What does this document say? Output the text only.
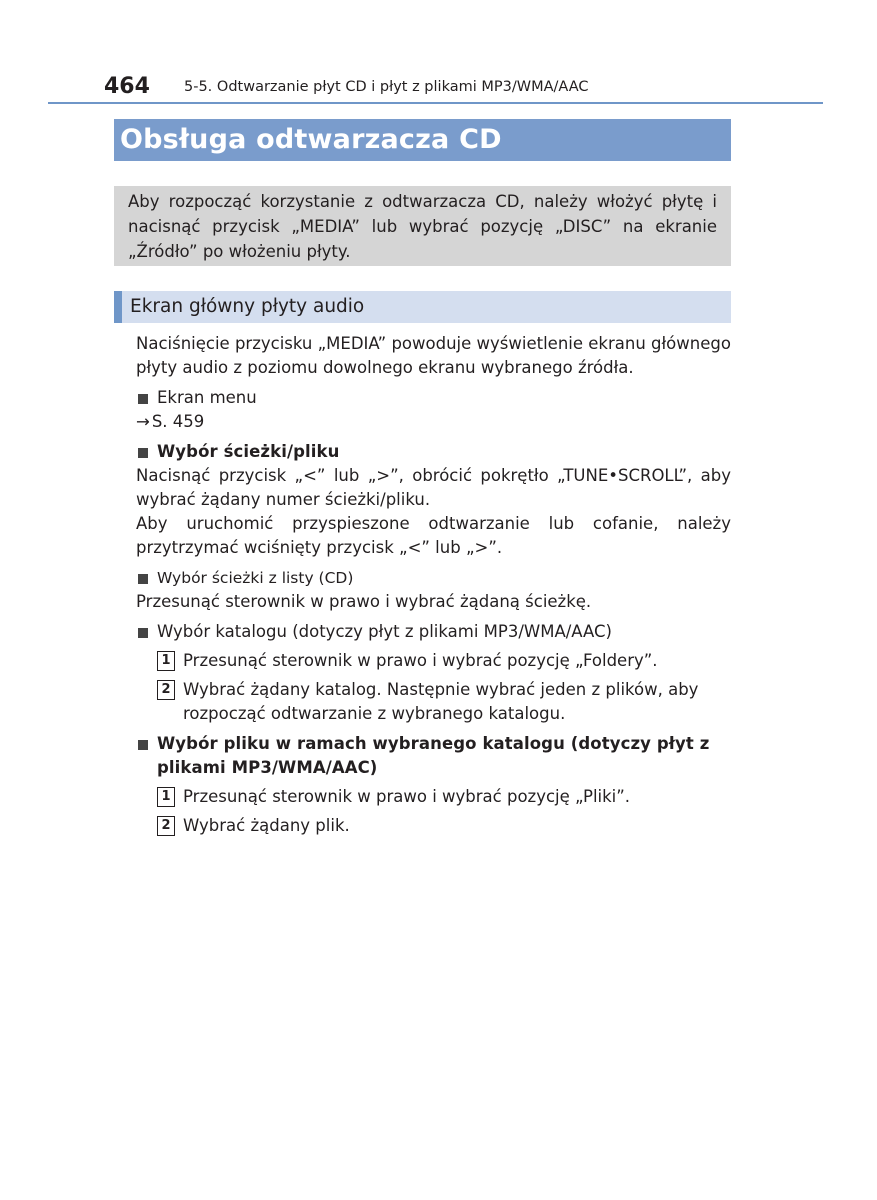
464 5-5. Odtwarzanie płyt CD i płyt z plikami MP3/WMA/AAC
Obsługa odtwarzacza CD

Aby rozpocząć korzystanie z odtwarzacza CD, należy włożyć płytę i nacisnąć przycisk „MEDIA” lub wybrać pozycję „DISC” na ekranie „Źródło” po włożeniu płyty.

Ekran główny płyty audio

Naciśnięcie przycisku „MEDIA” powoduje wyświetlenie ekranu głównego płyty audio z poziomu dowolnego ekranu wybranego źródła.

Ekran menu

→ S. 459

Wybór ścieżki/pliku

Nacisnąć przycisk „<” lub „>”, obrócić pokrętło „TUNE•SCROLL”, aby wybrać żądany numer ścieżki/pliku.

Aby uruchomić przyspieszone odtwarzanie lub cofanie, należy przytrzymać wciśnięty przycisk „<” lub „>”.

Wybór ścieżki z listy (CD)

Przesunąć sterownik w prawo i wybrać żądaną ścieżkę.

Wybór katalogu (dotyczy płyt z plikami MP3/WMA/AAC)
1 Przesunąć sterownik w prawo i wybrać pozycję „Foldery”.
2 Wybrać żądany katalog. Następnie wybrać jeden z plików, aby rozpocząć odtwarzanie z wybranego katalogu.
Wybór pliku w ramach wybranego katalogu (dotyczy płyt z plikami MP3/WMA/AAC)
1 Przesunąć sterownik w prawo i wybrać pozycję „Pliki”.
2 Wybrać żądany plik.
